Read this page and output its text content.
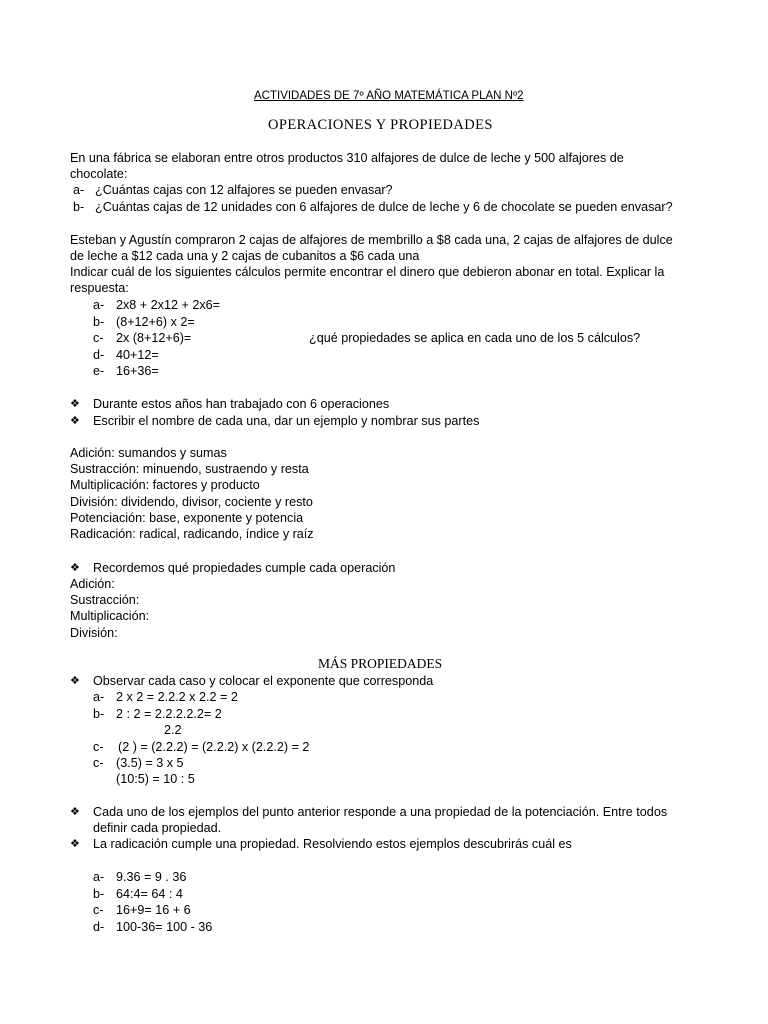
ACTIVIDADES DE 7º AÑO MATEMÁTICA PLAN Nº2
OPERACIONES Y PROPIEDADES
En una fábrica se elaboran entre otros productos 310 alfajores de dulce de leche y 500 alfajores de
chocolate:
a- ¿Cuántas cajas con 12 alfajores se pueden envasar?
b- ¿Cuántas cajas de 12 unidades con 6 alfajores de dulce de leche y 6 de chocolate se pueden envasar?
Esteban y Agustín compraron 2 cajas de alfajores de membrillo a $8 cada una, 2 cajas de alfajores de dulce
de leche a $12 cada una y 2 cajas de cubanitos a $6 cada una
Indicar cuál de los siguientes cálculos permite encontrar el dinero que debieron abonar en total. Explicar la
respuesta:
a- 2x8 + 2x12 + 2x6=
b- (8+12+6) x 2=
c- 2x (8+12+6)=	¿qué propiedades se aplica en cada uno de los 5 cálculos?
d- 40+12=
e- 16+36=
❖ Durante estos años han trabajado con 6 operaciones
❖ Escribir el nombre de cada una, dar un ejemplo y nombrar sus partes
Adición: sumandos y sumas
Sustracción: minuendo, sustraendo y resta
Multiplicación: factores y producto
División: dividendo, divisor, cociente y resto
Potenciación: base, exponente y potencia
Radicación: radical, radicando, índice y raíz
❖ Recordemos qué propiedades cumple cada operación
Adición:
Sustracción:
Multiplicación:
División:
MÁS PROPIEDADES
❖ Observar cada caso y colocar el exponente que corresponda
a- 2 x 2 = 2.2.2 x 2.2 = 2
b- 2 : 2 = 2.2.2.2.2= 2
2.2
c- (2 ) = (2.2.2) = (2.2.2) x (2.2.2) = 2
c- (3.5) = 3 x 5
(10:5) = 10 : 5
❖ Cada uno de los ejemplos del punto anterior responde a una propiedad de la potenciación. Entre todos
definir cada propiedad.
❖ La radicación cumple una propiedad. Resolviendo estos ejemplos descubrirás cuál es
a- 9.36 = 9 . 36
b- 64:4= 64 : 4
c- 16+9= 16 + 6
d- 100-36= 100 - 36
